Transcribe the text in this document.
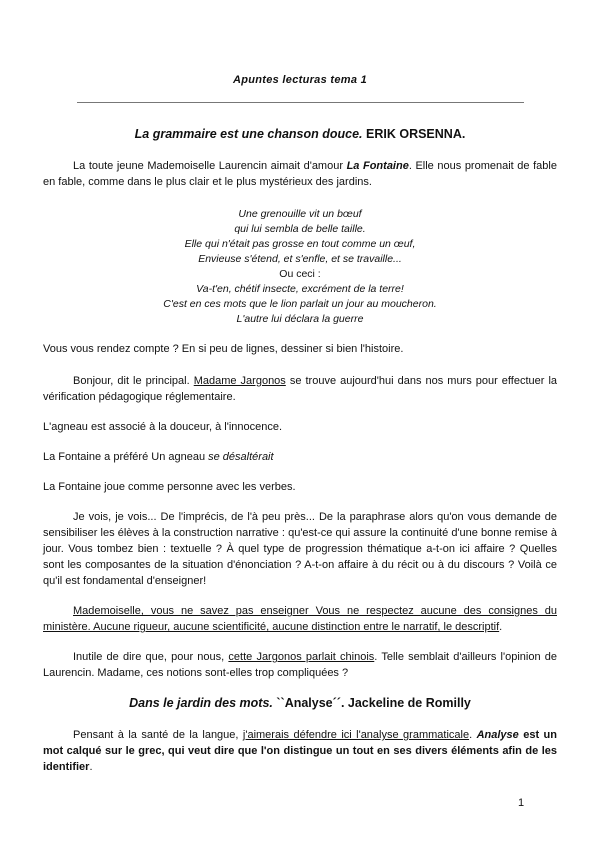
Apuntes lecturas tema 1

La grammaire est une chanson douce. ERIK ORSENNA.

La toute jeune Mademoiselle Laurencin aimait d'amour La Fontaine. Elle nous promenait de fable en fable, comme dans le plus clair et le plus mystérieux des jardins.

Une grenouille vit un bœuf

qui lui sembla de belle taille.

Elle qui n'était pas grosse en tout comme un œuf,

Envieuse s'étend, et s'enfle, et se travaille...

Ou ceci :

Va-t'en, chétif insecte, excrément de la terre!

C'est en ces mots que le lion parlait un jour au moucheron.

L'autre lui déclara la guerre

Vous vous rendez compte ? En si peu de lignes, dessiner si bien l'histoire.

Bonjour, dit le principal. Madame Jargonos se trouve aujourd'hui dans nos murs pour effectuer la vérification pédagogique réglementaire.

L'agneau est associé à la douceur, à l'innocence.

La Fontaine a préféré Un agneau se désaltérait

La Fontaine joue comme personne avec les verbes.

Je vois, je vois... De l'imprécis, de l'à peu près... De la paraphrase alors qu'on vous demande de sensibiliser les élèves à la construction narrative : qu'est-ce qui assure la continuité d'une bonne remise à jour. Vous tombez bien : textuelle ? À quel type de progression thématique a-t-on ici affaire ? Quelles sont les composantes de la situation d'énonciation ? A-t-on affaire à du récit ou à du discours ? Voilà ce qu'il est fondamental d'enseigner!

Mademoiselle, vous ne savez pas enseigner Vous ne respectez aucune des consignes du ministère. Aucune rigueur, aucune scientificité, aucune distinction entre le narratif, le descriptif.

Inutile de dire que, pour nous, cette Jargonos parlait chinois. Telle semblait d'ailleurs l'opinion de Laurencin. Madame, ces notions sont-elles trop compliquées ?

Dans le jardin des mots. ``Analyse´´. Jackeline de Romilly

Pensant à la santé de la langue, j'aimerais défendre ici l'analyse grammaticale. Analyse est un mot calqué sur le grec, qui veut dire que l'on distingue un tout en ses divers éléments afin de les identifier.

1
